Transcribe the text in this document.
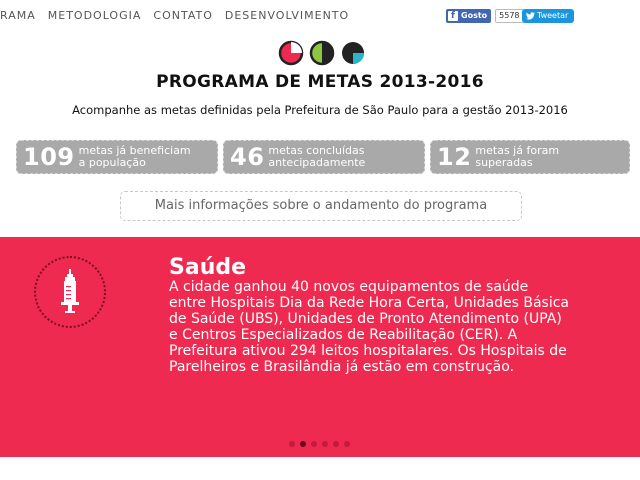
RAMA METODOLOGIA CONTATO DESENVOLVIMENTO	f Gosto	5578	Tweetar
PROGRAMA DE METAS 2013-2016
Acompanhe as metas definidas pela Prefeitura de São Paulo para a gestão 2013-2016
109 metas já beneficiam
a população	46 metas concluídas
antecipadamente	12 metas já foram
superadas
Mais informações sobre o andamento do programa
Saúde
A cidade ganhou 40 novos equipamentos de saúde entre Hospitais Dia da Rede Hora Certa, Unidades Básica de Saúde (UBS), Unidades de Pronto Atendimento (UPA) e Centros Especializados de Reabilitação (CER). A Prefeitura ativou 294 leitos hospitalares. Os Hospitais de Parelheiros e Brasilândia já estão em construção.
